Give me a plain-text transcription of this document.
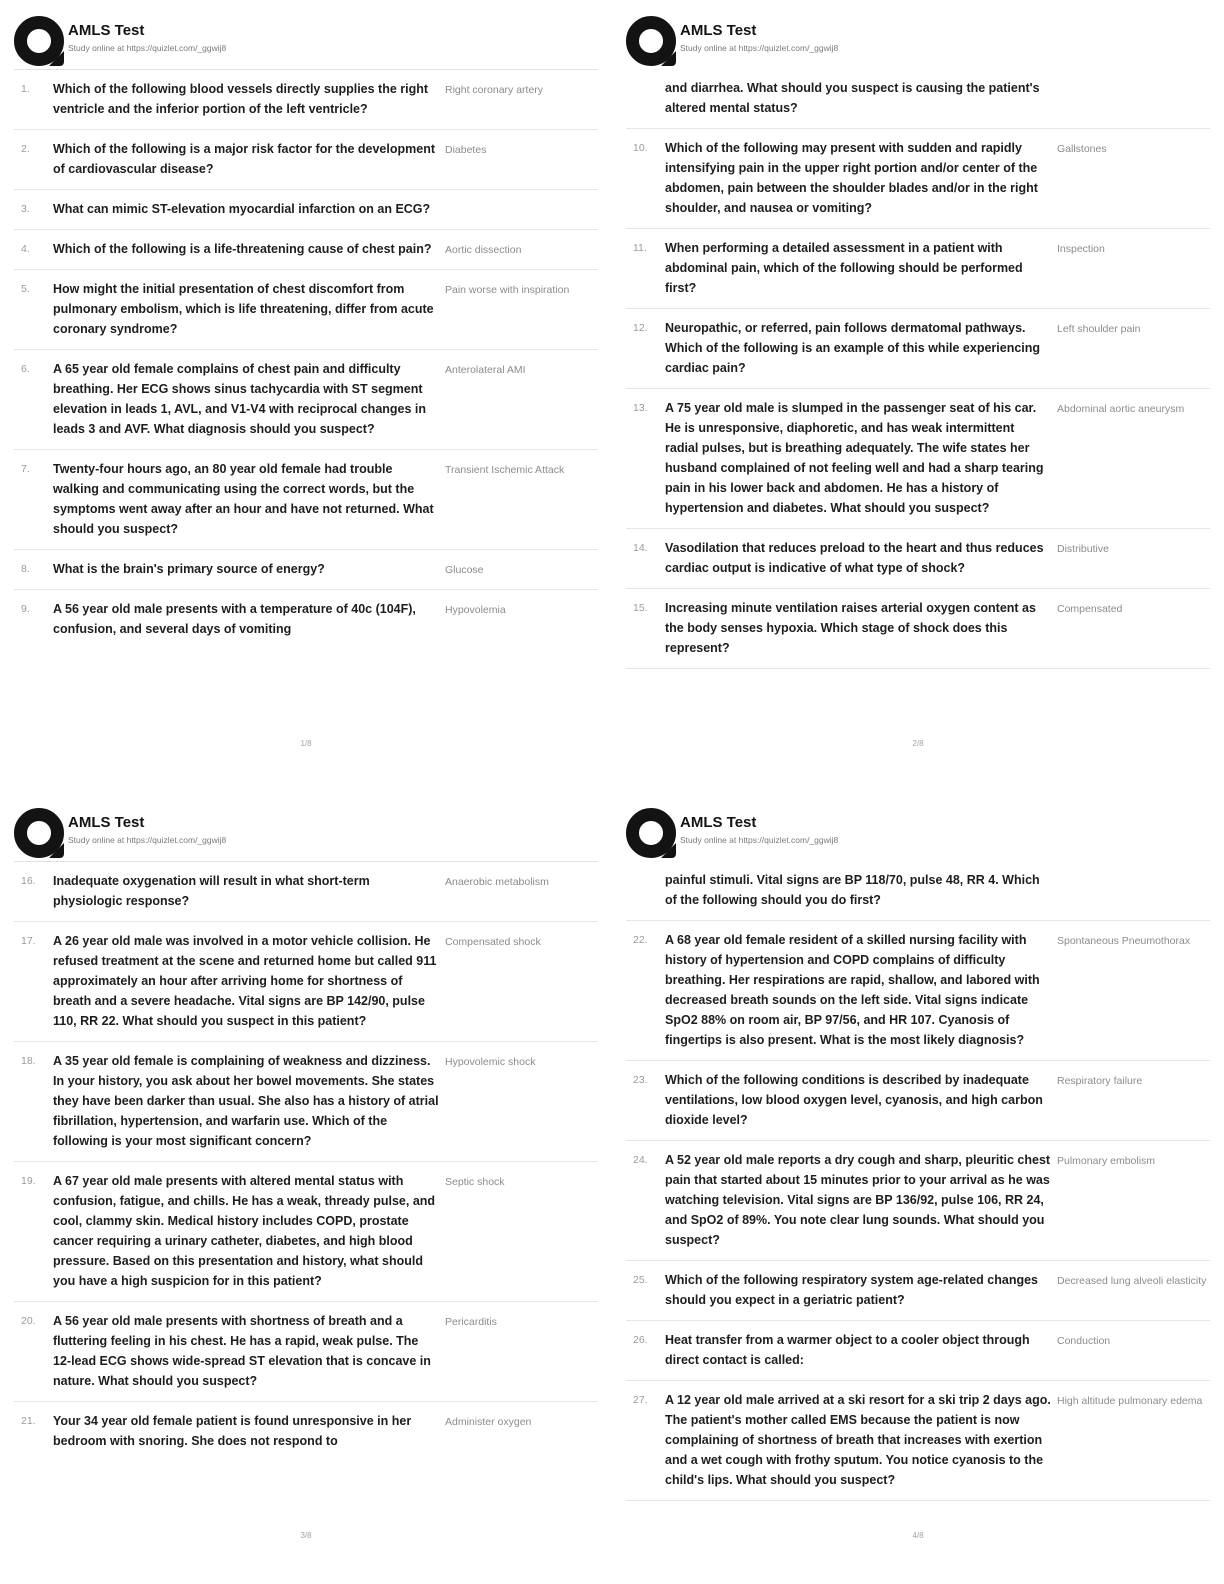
AMLS Test
Study online at https://quizlet.com/_ggwij8
1.	Which of the following blood vessels directly supplies the right ventricle and the inferior portion of the left ventricle?
Right coronary artery
2.	Which of the following is a major risk factor for the development of cardiovascular disease?
Diabetes
3.	What can mimic ST-elevation myocardial infarction on an ECG?
4.	Which of the following is a life-threatening cause of chest pain?	Aortic dissection
5.	How might the initial presentation of chest discomfort from pulmonary embolism, which is life threatening, differ from acute coronary syndrome?
Pain worse with inspiration
6.	A 65 year old female complains of chest pain and difficulty breathing. Her ECG shows sinus tachycardia with ST segment elevation in leads 1, AVL, and V1-V4 with reciprocal changes in leads 3 and AVF. What diagnosis should you suspect?
Anterolateral AMI
7.	Twenty-four hours ago, an 80 year old female had trouble walking and communicating using the correct words, but the symptoms went away after an hour and have not returned. What should you suspect?
Transient Ischemic Attack
8.	What is the brain's primary source of energy?	Glucose
9.	A 56 year old male presents with a temperature of 40c (104F), confusion, and several days of vomiting
Hypovolemia
1/8
AMLS Test
Study online at https://quizlet.com/_ggwij8
and diarrhea. What should you suspect is causing the patient's altered mental status?
10.	Which of the following may present with sudden and rapidly intensifying pain in the upper right portion and/or center of the abdomen, pain between the shoulder blades and/or in the right shoulder, and nausea or vomiting?
Gallstones
11.	When performing a detailed assessment in a patient with abdominal pain, which of the following should be performed first?
Inspection
12.	Neuropathic, or referred, pain follows dermatomal pathways. Which of the following is an example of this while experiencing cardiac pain?
Left shoulder pain
13.	A 75 year old male is slumped in the passenger seat of his car. He is unresponsive, diaphoretic, and has weak intermittent radial pulses, but is breathing adequately. The wife states her husband complained of not feeling well and had a sharp tearing pain in his lower back and abdomen. He has a history of hypertension and diabetes. What should you suspect?
Abdominal aortic aneurysm
14.	Vasodilation that reduces preload to the heart and thus reduces cardiac output is indicative of what type of shock?
Distributive
15.	Increasing minute ventilation raises arterial oxygen content as the body senses hypoxia. Which stage of shock does this represent?
Compensated
2/8
AMLS Test
Study online at https://quizlet.com/_ggwij8
16.	Inadequate oxygenation will result in what short-term physiologic response?
Anaerobic metabolism
17.	A 26 year old male was involved in a motor vehicle collision. He refused treatment at the scene and returned home but called 911 approximately an hour after arriving home for shortness of breath and a severe headache. Vital signs are BP 142/90, pulse 110, RR 22. What should you suspect in this patient?
Compensated shock
18.	A 35 year old female is complaining of weakness and dizziness. In your history, you ask about her bowel movements. She states they have been darker than usual. She also has a history of atrial fibrillation, hypertension, and warfarin use. Which of the following is your most significant concern?
Hypovolemic shock
19.	A 67 year old male presents with altered mental status with confusion, fatigue, and chills. He has a weak, thready pulse, and cool, clammy skin. Medical history includes COPD, prostate cancer requiring a urinary catheter, diabetes, and high blood pressure. Based on this presentation and history, what should you have a high suspicion for in this patient?
Septic shock
20.	A 56 year old male presents with shortness of breath and a fluttering feeling in his chest. He has a rapid, weak pulse. The 12-lead ECG shows wide-spread ST elevation that is concave in nature. What should you suspect?
Pericarditis
21.	Your 34 year old female patient is found unresponsive in her bedroom with snoring. She does not respond to
Administer oxygen
3/8
AMLS Test
Study online at https://quizlet.com/_ggwij8
painful stimuli. Vital signs are BP 118/70, pulse 48, RR 4. Which of the following should you do first?
22.	A 68 year old female resident of a skilled nursing facility with history of hypertension and COPD complains of difficulty breathing. Her respirations are rapid, shallow, and labored with decreased breath sounds on the left side. Vital signs indicate SpO2 88% on room air, BP 97/56, and HR 107. Cyanosis of fingertips is also present. What is the most likely diagnosis?
Spontaneous Pneumothorax
23.	Which of the following conditions is described by inadequate ventilations, low blood oxygen level, cyanosis, and high carbon dioxide level?
Respiratory failure
24.	A 52 year old male reports a dry cough and sharp, pleuritic chest pain that started about 15 minutes prior to your arrival as he was watching television. Vital signs are BP 136/92, pulse 106, RR 24, and SpO2 of 89%. You note clear lung sounds. What should you suspect?
Pulmonary embolism
25.	Which of the following respiratory system age-related changes should you expect in a geriatric patient?
Decreased lung alveoli elasticity
26.	Heat transfer from a warmer object to a cooler object through direct contact is called:
Conduction
27.	A 12 year old male arrived at a ski resort for a ski trip 2 days ago. The patient's mother called EMS because the patient is now complaining of shortness of breath that increases with exertion and a wet cough with frothy sputum. You notice cyanosis to the child's lips. What should you suspect?
High altitude pulmonary edema
4/8
